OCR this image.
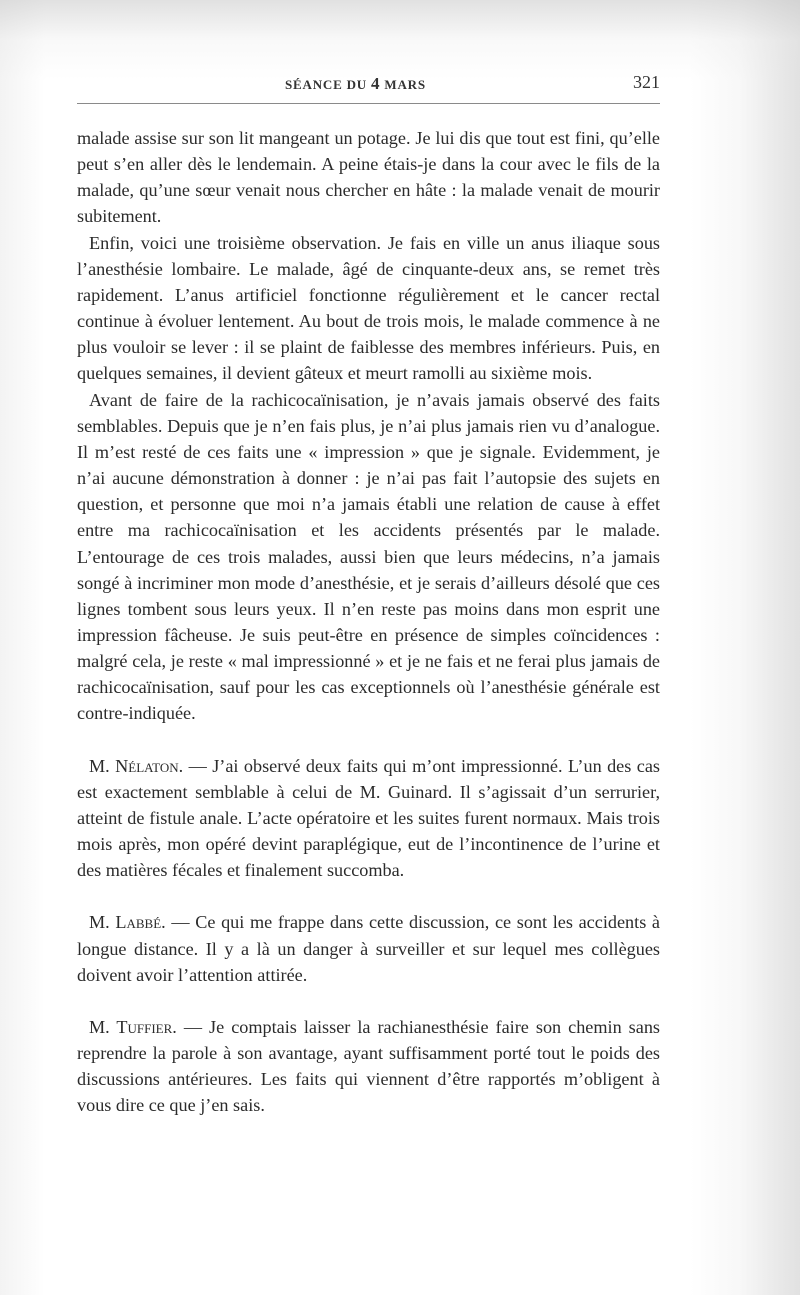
SÉANCE DU 4 MARS	321

malade assise sur son lit mangeant un potage. Je lui dis que tout est fini, qu’elle peut s’en aller dès le lendemain. A peine étais-je dans la cour avec le fils de la malade, qu’une sœur venait nous chercher en hâte : la malade venait de mourir subitement.

Enfin, voici une troisième observation. Je fais en ville un anus iliaque sous l’anesthésie lombaire. Le malade, âgé de cinquante-deux ans, se remet très rapidement. L’anus artificiel fonctionne régulièrement et le cancer rectal continue à évoluer lentement. Au bout de trois mois, le malade commence à ne plus vouloir se lever : il se plaint de faiblesse des membres inférieurs. Puis, en quelques semaines, il devient gâteux et meurt ramolli au sixième mois.

Avant de faire de la rachicocaïnisation, je n’avais jamais observé des faits semblables. Depuis que je n’en fais plus, je n’ai plus jamais rien vu d’analogue. Il m’est resté de ces faits une « impression » que je signale. Evidemment, je n’ai aucune démonstration à donner : je n’ai pas fait l’autopsie des sujets en question, et personne que moi n’a jamais établi une relation de cause à effet entre ma rachicocaïnisation et les accidents présentés par le malade. L’entourage de ces trois malades, aussi bien que leurs médecins, n’a jamais songé à incriminer mon mode d’anesthésie, et je serais d’ailleurs désolé que ces lignes tombent sous leurs yeux. Il n’en reste pas moins dans mon esprit une impression fâcheuse. Je suis peut-être en présence de simples coïncidences : malgré cela, je reste « mal impressionné » et je ne fais et ne ferai plus jamais de rachicocaïnisation, sauf pour les cas exceptionnels où l’anesthésie générale est contre-indiquée.

M. Nélaton. — J’ai observé deux faits qui m’ont impressionné. L’un des cas est exactement semblable à celui de M. Guinard. Il s’agissait d’un serrurier, atteint de fistule anale. L’acte opératoire et les suites furent normaux. Mais trois mois après, mon opéré devint paraplégique, eut de l’incontinence de l’urine et des matières fécales et finalement succomba.

M. Labbé. — Ce qui me frappe dans cette discussion, ce sont les accidents à longue distance. Il y a là un danger à surveiller et sur lequel mes collègues doivent avoir l’attention attirée.

M. Tuffier. — Je comptais laisser la rachianesthésie faire son chemin sans reprendre la parole à son avantage, ayant suffisamment porté tout le poids des discussions antérieures. Les faits qui viennent d’être rapportés m’obligent à vous dire ce que j’en sais.
